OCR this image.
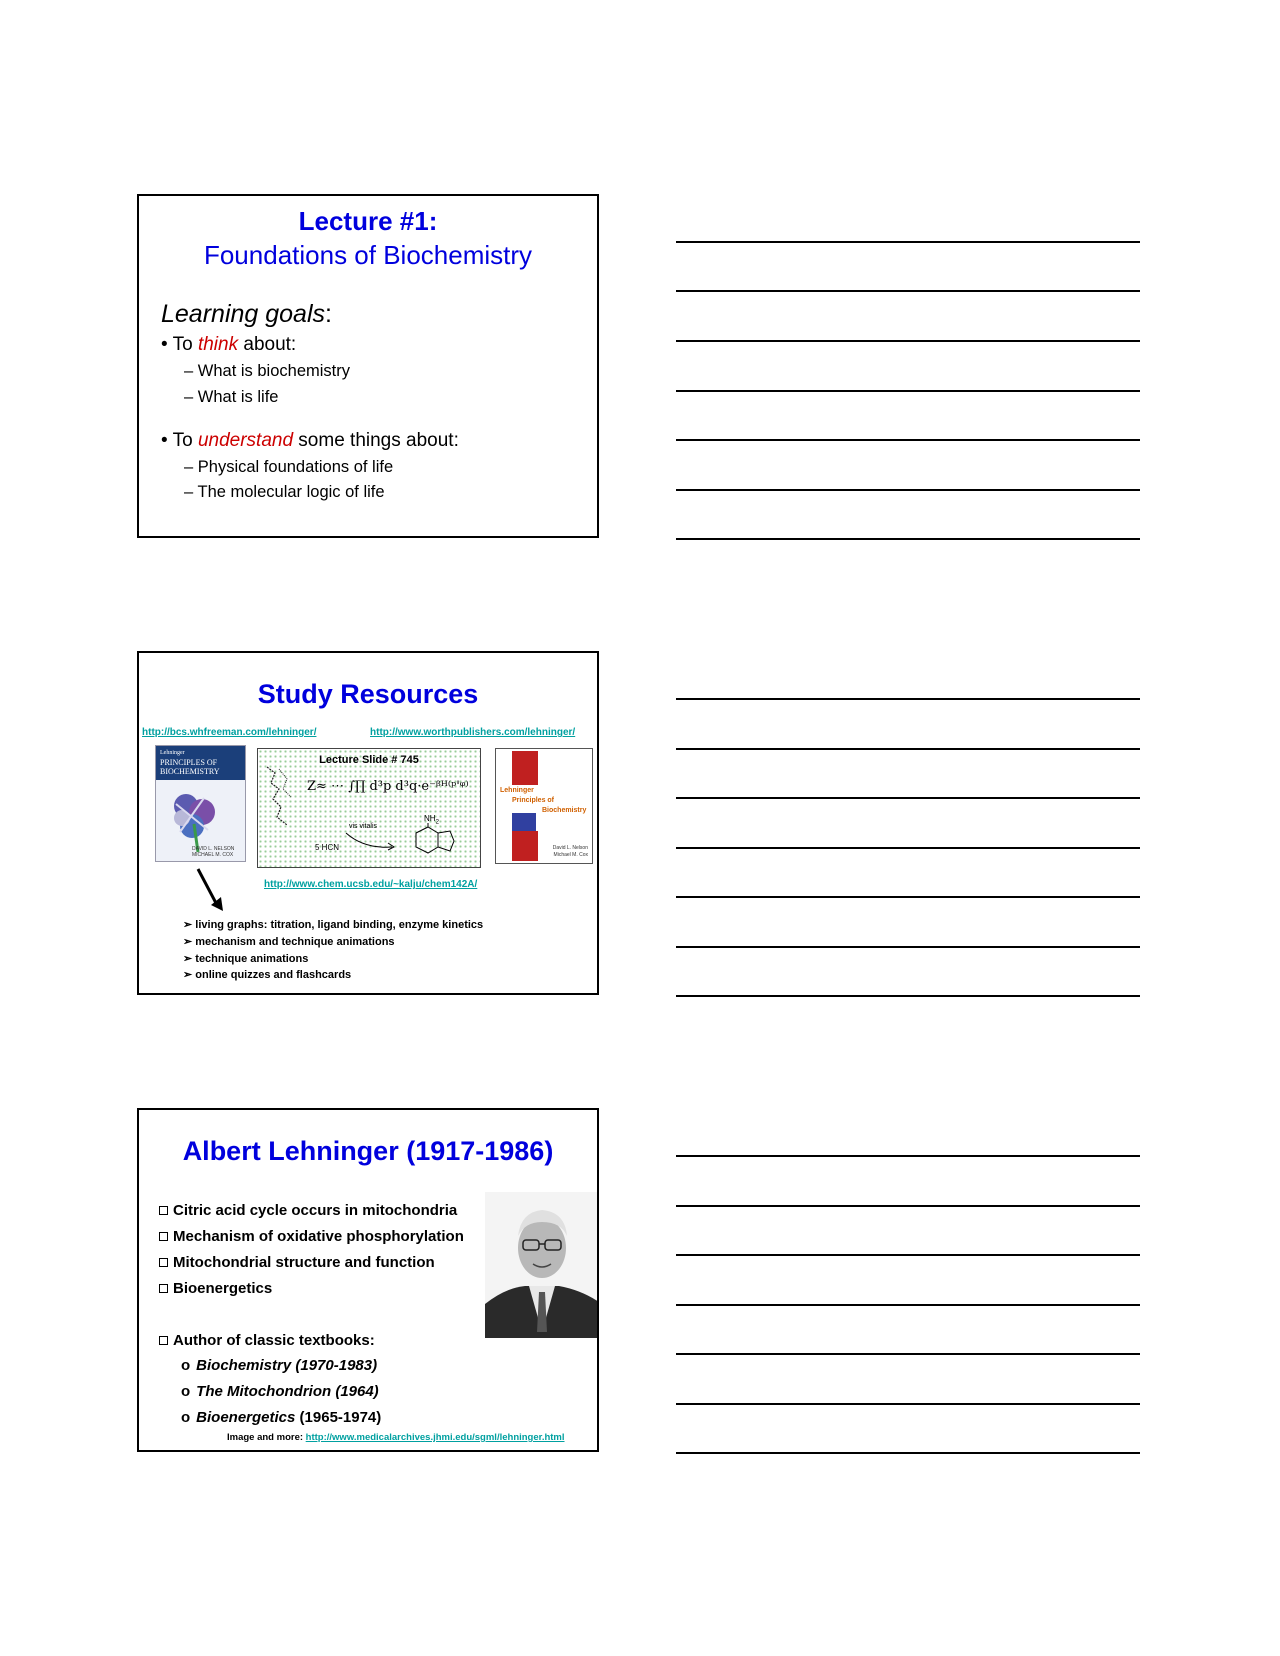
Lecture #1:
Foundations of Biochemistry
Learning goals:
• To think about:
– What is biochemistry
– What is life
• To understand some things about:
– Physical foundations of life
– The molecular logic of life
Study Resources
http://bcs.whfreeman.com/lehninger/	http://www.worthpublishers.com/lehninger/
Lehninger
PRINCIPLES OF
BIOCHEMISTRY
DAVID L. NELSON
MICHAEL M. COX
Lecture Slide # 745
Z≈ ⋯ ∫∏ d³p d³q·e⁻ᵝᴴ⁽ᵖ'ᵠ⁾
vis vitalis
5 HCN
$NH_2$
Lehninger
Principles of
Biochemistry
David L. Nelson
Michael M. Cox
http://www.chem.ucsb.edu/~kalju/chem142A/
➢ living graphs: titration, ligand binding, enzyme kinetics
➢ mechanism and technique animations
➢ technique animations
➢ online quizzes and flashcards
Albert Lehninger (1917-1986)
Citric acid cycle occurs in mitochondria
Mechanism of oxidative phosphorylation
Mitochondrial structure and function
Bioenergetics
Author of classic textbooks:
o Biochemistry (1970-1983)
o The Mitochondrion (1964)
o Bioenergetics (1965-1974)
Image and more: http://www.medicalarchives.jhmi.edu/sgml/lehninger.html
